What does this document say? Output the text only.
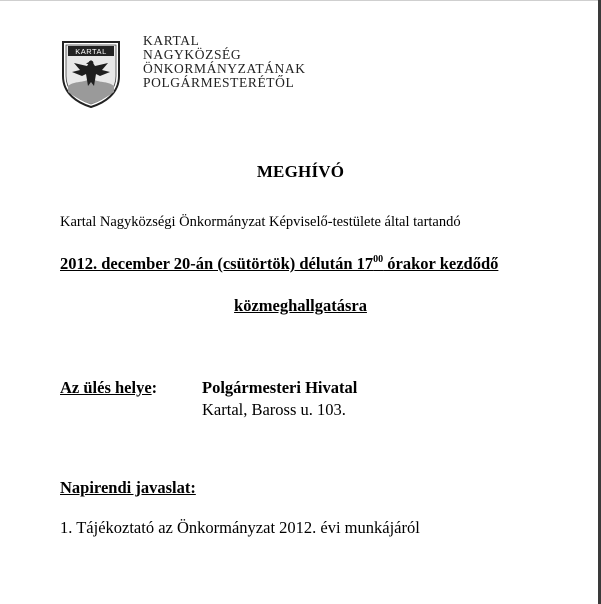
KARTAL
KARTAL
NAGYKÖZSÉG
ÖNKORMÁNYZATÁNAK
POLGÁRMESTERÉTŐL
MEGHÍVÓ
Kartal Nagyközségi Önkormányzat Képviselő-testülete által tartandó
2012. december 20-án (csütörtök) délután $17^{00}$ órakor kezdődő
közmeghallgatásra
Az ülés helye:	Polgármesteri Hivatal
Kartal, Baross u. 103.
Napirendi javaslat:
1. Tájékoztató az Önkormányzat 2012. évi munkájáról
